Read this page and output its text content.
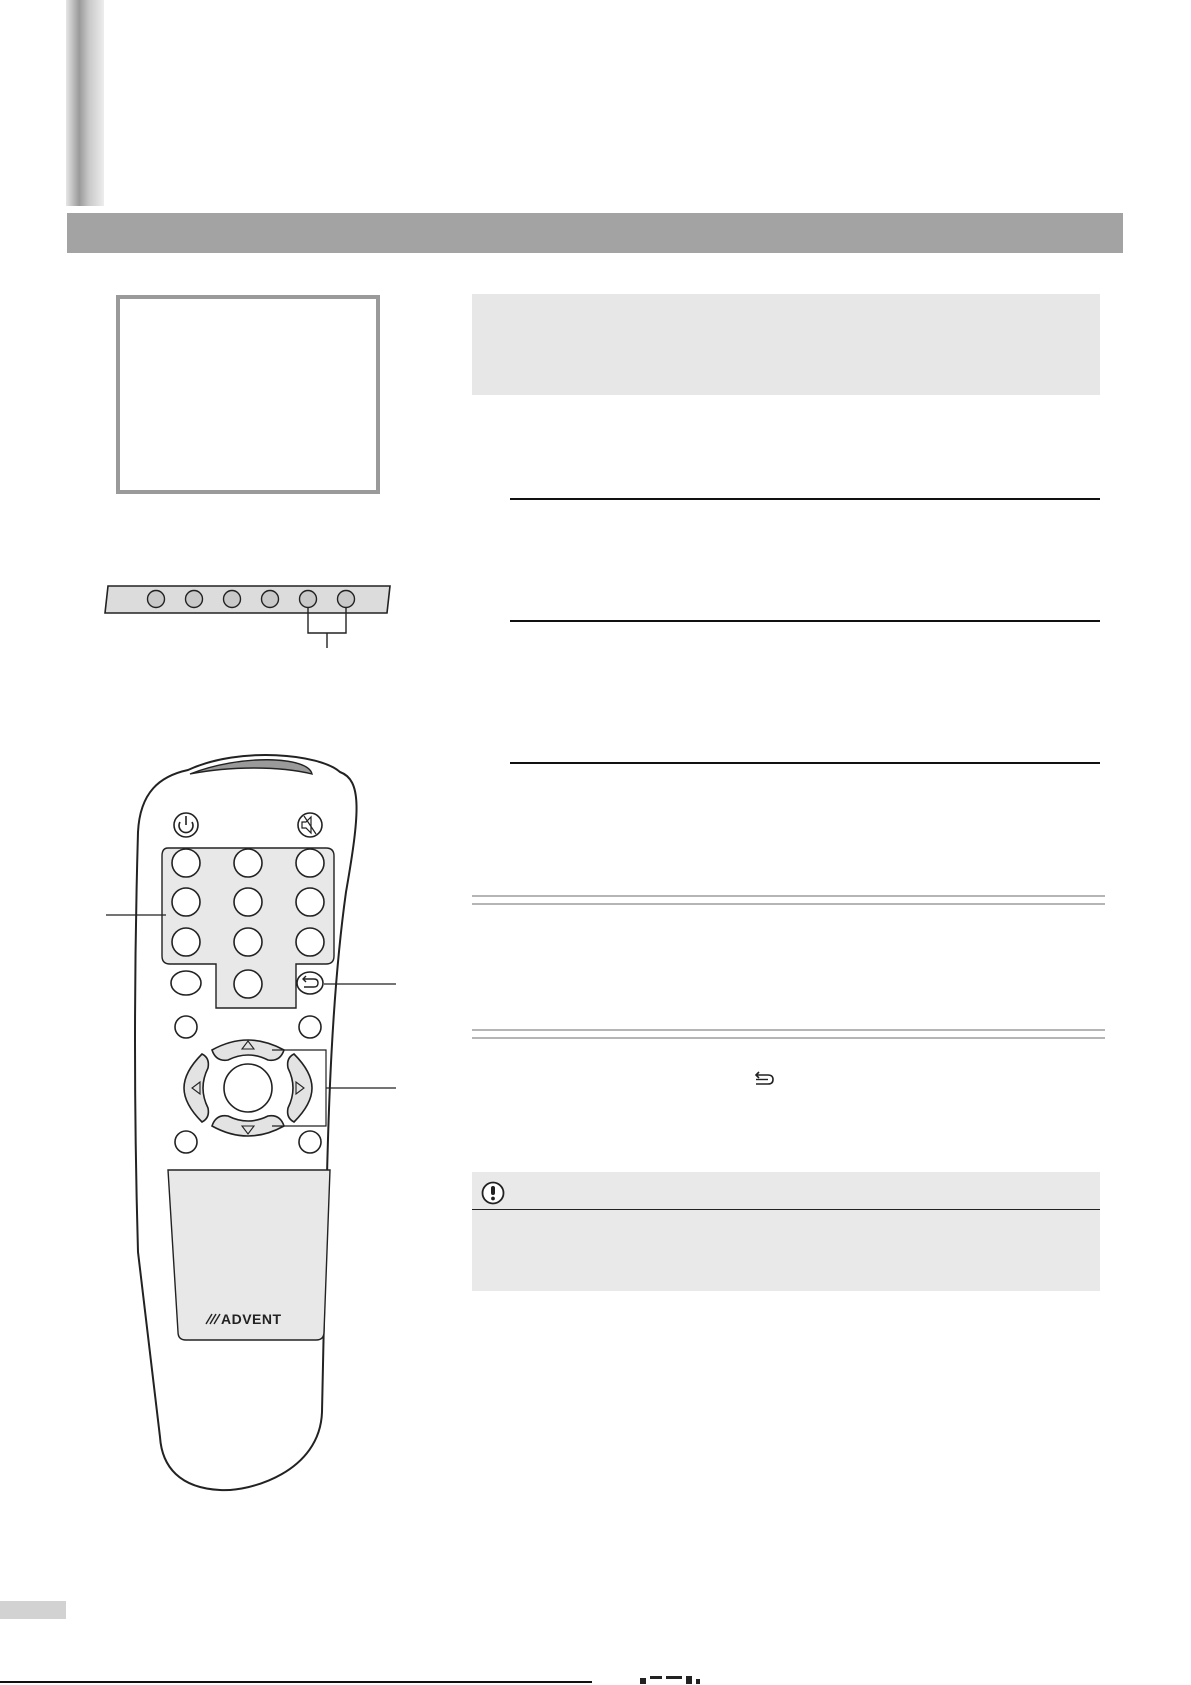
ADVENT
